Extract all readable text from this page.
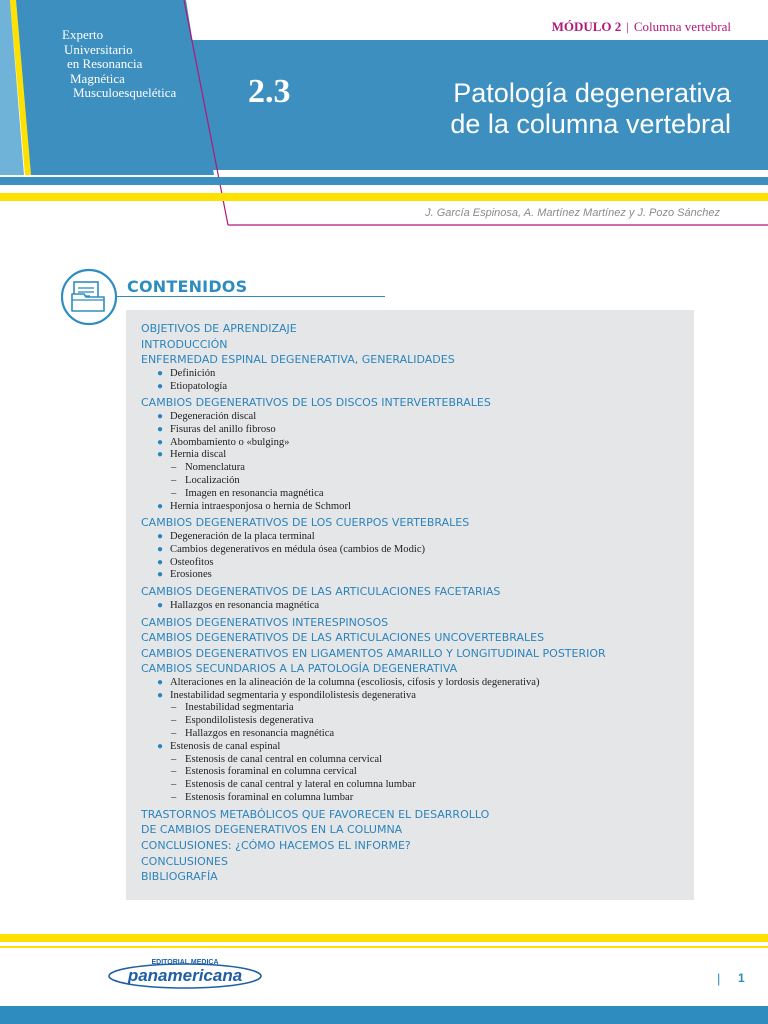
MÓDULO 2 | Columna vertebral
Experto
Universitario
en Resonancia
Magnética
Musculoesquelética 2.3	Patología degenerativa
de la columna vertebral
J. García Espinosa, A. Martínez Martínez y J. Pozo Sánchez
CONTENIDOS
OBJETIVOS DE APRENDIZAJE
INTRODUCCIÓN
ENFERMEDAD ESPINAL DEGENERATIVA, GENERALIDADES
● Definición
● Etiopatología
CAMBIOS DEGENERATIVOS DE LOS DISCOS INTERVERTEBRALES
● Degeneración discal
● Fisuras del anillo fibroso
● Abombamiento o «bulging»
● Hernia discal
– Nomenclatura
– Localización
– Imagen en resonancia magnética
● Hernia intraesponjosa o hernia de Schmorl
CAMBIOS DEGENERATIVOS DE LOS CUERPOS VERTEBRALES
● Degeneración de la placa terminal
● Cambios degenerativos en médula ósea (cambios de Modic)
● Osteofitos
● Erosiones
CAMBIOS DEGENERATIVOS DE LAS ARTICULACIONES FACETARIAS
● Hallazgos en resonancia magnética
CAMBIOS DEGENERATIVOS INTERESPINOSOS
CAMBIOS DEGENERATIVOS DE LAS ARTICULACIONES UNCOVERTEBRALES
CAMBIOS DEGENERATIVOS EN LIGAMENTOS AMARILLO Y LONGITUDINAL POSTERIOR
CAMBIOS SECUNDARIOS A LA PATOLOGÍA DEGENERATIVA
● Alteraciones en la alineación de la columna (escoliosis, cifosis y lordosis degenerativa)
● Inestabilidad segmentaria y espondilolistesis degenerativa
– Inestabilidad segmentaria
– Espondilolistesis degenerativa
– Hallazgos en resonancia magnética
● Estenosis de canal espinal
– Estenosis de canal central en columna cervical
– Estenosis foraminal en columna cervical
– Estenosis de canal central y lateral en columna lumbar
– Estenosis foraminal en columna lumbar
TRASTORNOS METABÓLICOS QUE FAVORECEN EL DESARROLLO
DE CAMBIOS DEGENERATIVOS EN LA COLUMNA
CONCLUSIONES: ¿CÓMO HACEMOS EL INFORME?
CONCLUSIONES
BIBLIOGRAFÍA
EDITORIAL MEDICA
panamericana	| 1
